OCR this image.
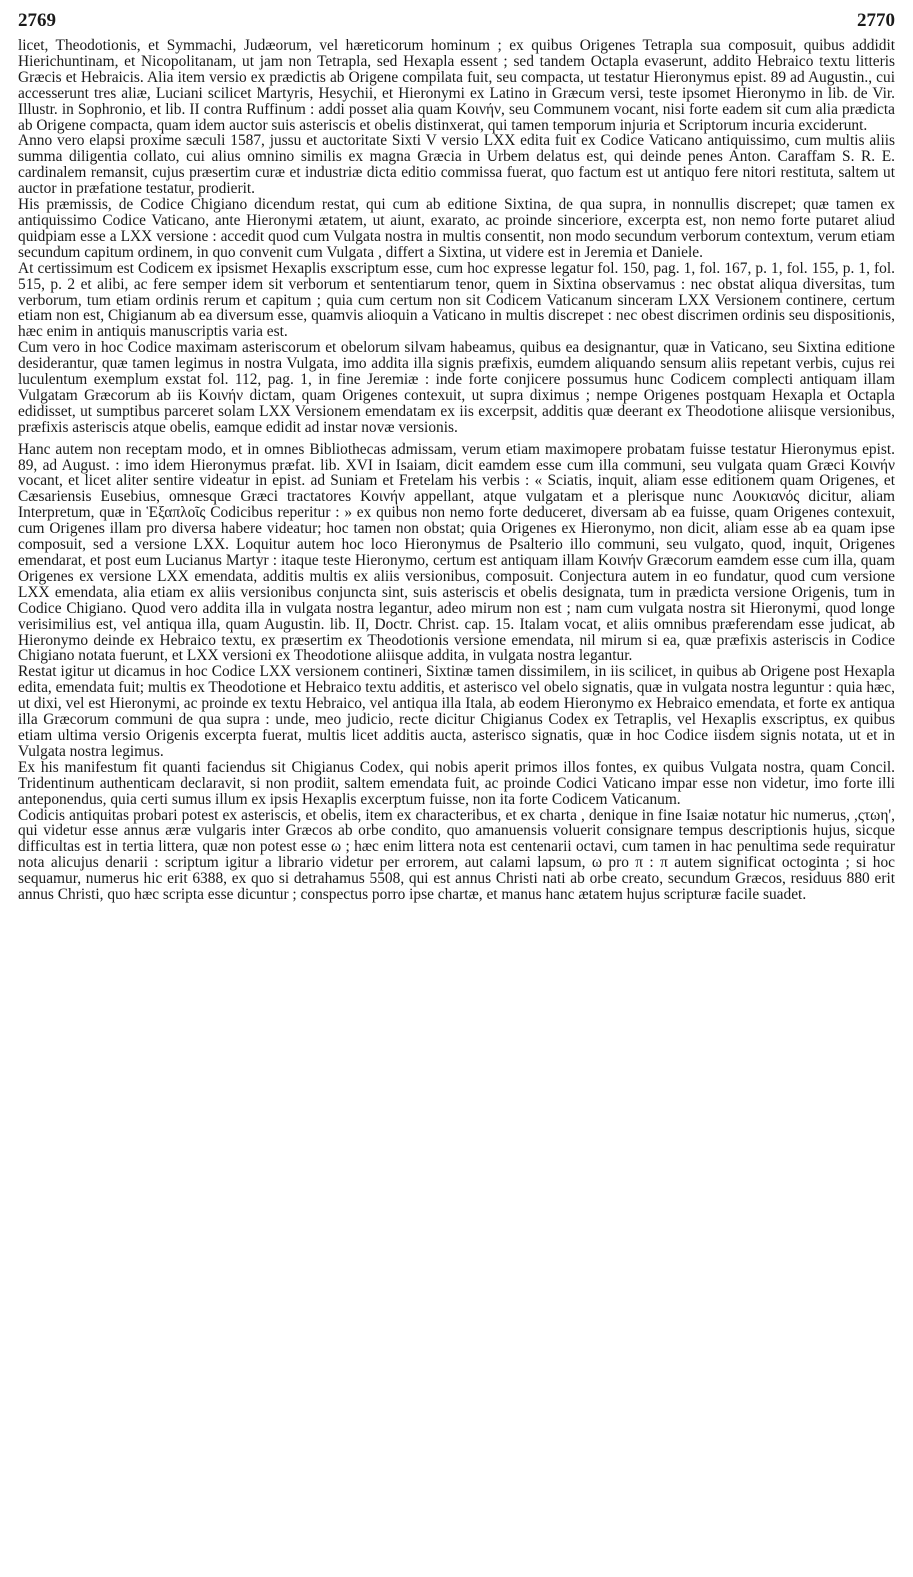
2769	2770

licet, Theodotionis, et Symmachi, Judæorum, vel hæreticorum hominum ; ex quibus Origenes Tetrapla sua composuit, quibus addidit Hierichuntinam, et Nicopolitanam, ut jam non Tetrapla, sed Hexapla essent ; sed tandem Octapla evaserunt, addito Hebraico textu litteris Græcis et Hebraicis. Alia item versio ex prædictis ab Origene compilata fuit, seu compacta, ut testatur Hieronymus epist. 89 ad Augustin., cui accesserunt tres aliæ, Luciani scilicet Martyris, Hesychii, et Hieronymi ex Latino in Græcum versi, teste ipsomet Hieronymo in lib. de Vir. Illustr. in Sophronio, et lib. II contra Ruffinum : addi posset alia quam Κοινήν, seu Communem vocant, nisi forte eadem sit cum alia prædicta ab Origene compacta, quam idem auctor suis asteriscis et obelis distinxerat, qui tamen temporum injuria et Scriptorum incuria exciderunt.

Anno vero elapsi proxime sæculi 1587, jussu et auctoritate Sixti V versio LXX edita fuit ex Codice Vaticano antiquissimo, cum multis aliis summa diligentia collato, cui alius omnino similis ex magna Græcia in Urbem delatus est, qui deinde penes Anton. Caraffam S. R. E. cardinalem remansit, cujus præsertim curæ et industriæ dicta editio commissa fuerat, quo factum est ut antiquo fere nitori restituta, saltem ut auctor in præfatione testatur, prodierit.

His præmissis, de Codice Chigiano dicendum restat, qui cum ab editione Sixtina, de qua supra, in nonnullis discrepet; quæ tamen ex antiquissimo Codice Vaticano, ante Hieronymi ætatem, ut aiunt, exarato, ac proinde sinceriore, excerpta est, non nemo forte putaret aliud quidpiam esse a LXX versione : accedit quod cum Vulgata nostra in multis consentit, non modo secundum verborum contextum, verum etiam secundum capitum ordinem, in quo convenit cum Vulgata , differt a Sixtina, ut videre est in Jeremia et Daniele.

At certissimum est Codicem ex ipsismet Hexaplis exscriptum esse, cum hoc expresse legatur fol. 150, pag. 1, fol. 167, p. 1, fol. 155, p. 1, fol. 515, p. 2 et alibi, ac fere semper idem sit verborum et sententiarum tenor, quem in Sixtina observamus : nec obstat aliqua diversitas, tum verborum, tum etiam ordinis rerum et capitum ; quia cum certum non sit Codicem Vaticanum sinceram LXX Versionem continere, certum etiam non est, Chigianum ab ea diversum esse, quamvis alioquin a Vaticano in multis discrepet : nec obest discrimen ordinis seu dispositionis, hæc enim in antiquis manuscriptis varia est.

Cum vero in hoc Codice maximam asteriscorum et obelorum silvam habeamus, quibus ea designantur, quæ in Vaticano, seu Sixtina editione desiderantur, quæ tamen legimus in nostra Vulgata, imo addita illa signis præfixis, eumdem aliquando sensum aliis repetant verbis, cujus rei luculentum exemplum exstat fol. 112, pag. 1, in fine Jeremiæ : inde forte conjicere possumus hunc Codicem complecti antiquam illam Vulgatam Græcorum ab iis Κοινήν dictam, quam Origenes contexuit, ut supra diximus ; nempe Origenes postquam Hexapla et Octapla edidisset, ut sumptibus parceret solam LXX Versionem emendatam ex iis excerpsit, additis quæ deerant ex Theodotione aliisque versionibus, præfixis asteriscis atque obelis, eamque edidit ad instar novæ versionis.

Hanc autem non receptam modo, et in omnes Bibliothecas admissam, verum etiam maximopere probatam fuisse testatur Hieronymus epist. 89, ad August. : imo idem Hieronymus præfat. lib. XVI in Isaiam, dicit eamdem esse cum illa communi, seu vulgata quam Græci Κοινήν vocant, et licet aliter sentire videatur in epist. ad Suniam et Fretelam his verbis : « Sciatis, inquit, aliam esse editionem quam Origenes, et Cæsariensis Eusebius, omnesque Græci tractatores Κοινήν appellant, atque vulgatam et a plerisque nunc Λουκιανός dicitur, aliam Interpretum, quæ in Ἑξαπλοῖς Codicibus reperitur : » ex quibus non nemo forte deduceret, diversam ab ea fuisse, quam Origenes contexuit, cum Origenes illam pro diversa habere videatur; hoc tamen non obstat; quia Origenes ex Hieronymo, non dicit, aliam esse ab ea quam ipse composuit, sed a versione LXX. Loquitur autem hoc loco Hieronymus de Psalterio illo communi, seu vulgato, quod, inquit, Origenes emendarat, et post eum Lucianus Martyr : itaque teste Hieronymo, certum est antiquam illam Κοινήν Græcorum eamdem esse cum illa, quam Origenes ex versione LXX emendata, additis multis ex aliis versionibus, composuit. Conjectura autem in eo fundatur, quod cum versione LXX emendata, alia etiam ex aliis versionibus conjuncta sint, suis asteriscis et obelis designata, tum in prædicta versione Origenis, tum in Codice Chigiano. Quod vero addita illa in vulgata nostra legantur, adeo mirum non est ; nam cum vulgata nostra sit Hieronymi, quod longe verisimilius est, vel antiqua illa, quam Augustin. lib. II, Doctr. Christ. cap. 15. Italam vocat, et aliis omnibus præferendam esse judicat, ab Hieronymo deinde ex Hebraico textu, ex præsertim ex Theodotionis versione emendata, nil mirum si ea, quæ præfixis asteriscis in Codice Chigiano notata fuerunt, et LXX versioni ex Theodotione aliisque addita, in vulgata nostra legantur.

Restat igitur ut dicamus in hoc Codice LXX versionem contineri, Sixtinæ tamen dissimilem, in iis scilicet, in quibus ab Origene post Hexapla edita, emendata fuit; multis ex Theodotione et Hebraico textu additis, et asterisco vel obelo signatis, quæ in vulgata nostra leguntur : quia hæc, ut dixi, vel est Hieronymi, ac proinde ex textu Hebraico, vel antiqua illa Itala, ab eodem Hieronymo ex Hebraico emendata, et forte ex antiqua illa Græcorum communi de qua supra : unde, meo judicio, recte dicitur Chigianus Codex ex Tetraplis, vel Hexaplis exscriptus, ex quibus etiam ultima versio Origenis excerpta fuerat, multis licet additis aucta, asterisco signatis, quæ in hoc Codice iisdem signis notata, ut et in Vulgata nostra legimus.

Ex his manifestum fit quanti faciendus sit Chigianus Codex, qui nobis aperit primos illos fontes, ex quibus Vulgata nostra, quam Concil. Tridentinum authenticam declaravit, si non prodiit, saltem emendata fuit, ac proinde Codici Vaticano impar esse non videtur, imo forte illi anteponendus, quia certi sumus illum ex ipsis Hexaplis excerptum fuisse, non ita forte Codicem Vaticanum.

Codicis antiquitas probari potest ex asteriscis, et obelis, item ex characteribus, et ex charta , denique in fine Isaiæ notatur hic numerus, ,ςτωη', qui videtur esse annus æræ vulgaris inter Græcos ab orbe condito, quo amanuensis voluerit consignare tempus descriptionis hujus, sicque difficultas est in tertia littera, quæ non potest esse ω ; hæc enim littera nota est centenarii octavi, cum tamen in hac penultima sede requiratur nota alicujus denarii : scriptum igitur a librario videtur per errorem, aut calami lapsum, ω pro π : π autem significat octoginta ; si hoc sequamur, numerus hic erit 6388, ex quo si detrahamus 5508, qui est annus Christi nati ab orbe creato, secundum Græcos, residuus 880 erit annus Christi, quo hæc scripta esse dicuntur ; conspectus porro ipse chartæ, et manus hanc ætatem hujus scripturæ facile suadet.
